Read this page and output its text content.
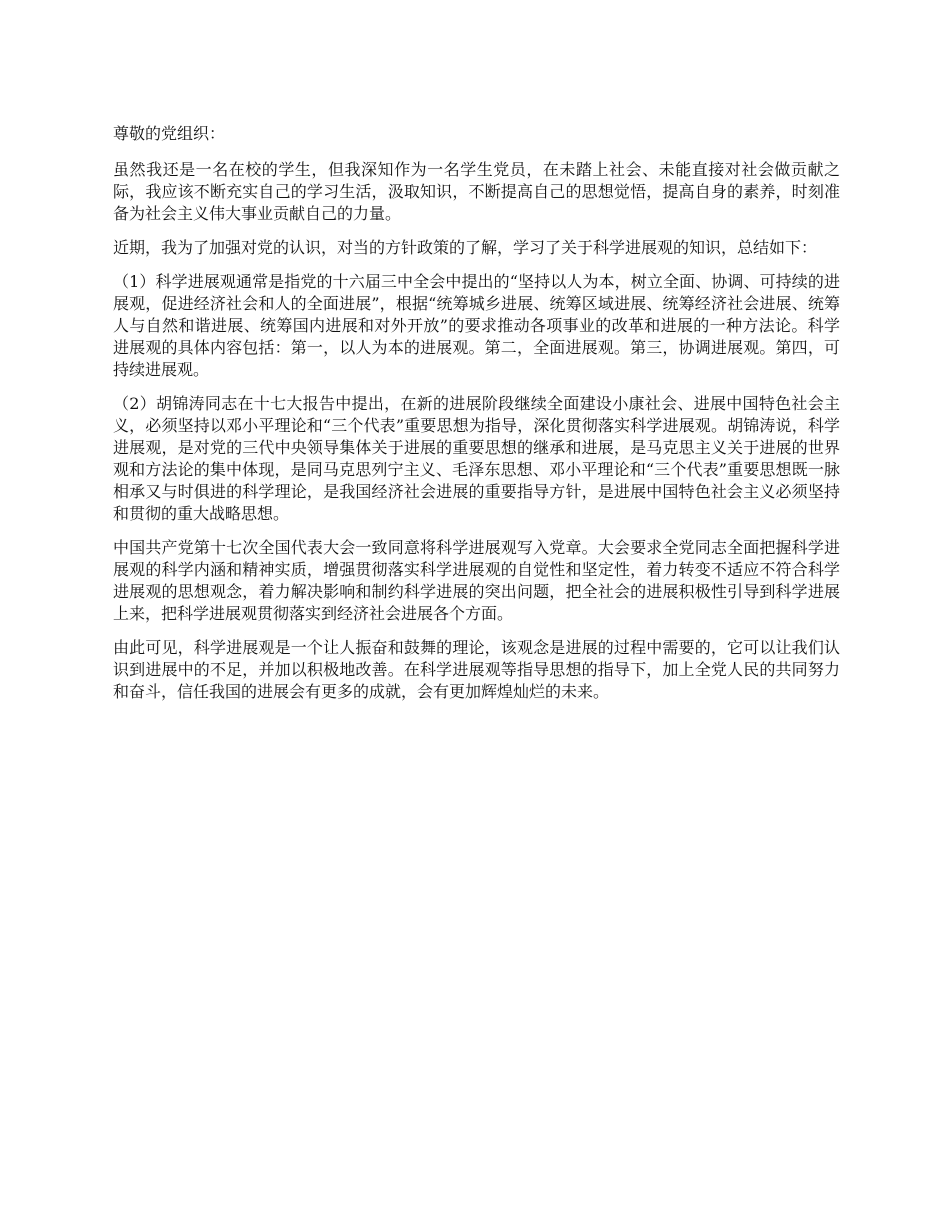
尊敬的党组织：

虽然我还是一名在校的学生，但我深知作为一名学生党员，在未踏上社会、未能直接对社会做贡献之际，我应该不断充实自己的学习生活，汲取知识，不断提高自己的思想觉悟，提高自身的素养，时刻准备为社会主义伟大事业贡献自己的力量。

近期，我为了加强对党的认识，对当的方针政策的了解，学习了关于科学进展观的知识，总结如下：

（1）科学进展观通常是指党的十六届三中全会中提出的“坚持以人为本，树立全面、协调、可持续的进展观，促进经济社会和人的全面进展”，根据“统筹城乡进展、统筹区域进展、统筹经济社会进展、统筹人与自然和谐进展、统筹国内进展和对外开放”的要求推动各项事业的改革和进展的一种方法论。科学进展观的具体内容包括：第一，以人为本的进展观。第二，全面进展观。第三，协调进展观。第四，可持续进展观。

（2）胡锦涛同志在十七大报告中提出，在新的进展阶段继续全面建设小康社会、进展中国特色社会主义，必须坚持以邓小平理论和“三个代表”重要思想为指导，深化贯彻落实科学进展观。胡锦涛说，科学进展观，是对党的三代中央领导集体关于进展的重要思想的继承和进展，是马克思主义关于进展的世界观和方法论的集中体现，是同马克思列宁主义、毛泽东思想、邓小平理论和“三个代表”重要思想既一脉相承又与时俱进的科学理论，是我国经济社会进展的重要指导方针，是进展中国特色社会主义必须坚持和贯彻的重大战略思想。

中国共产党第十七次全国代表大会一致同意将科学进展观写入党章。大会要求全党同志全面把握科学进展观的科学内涵和精神实质，增强贯彻落实科学进展观的自觉性和坚定性，着力转变不适应不符合科学进展观的思想观念，着力解决影响和制约科学进展的突出问题，把全社会的进展积极性引导到科学进展上来，把科学进展观贯彻落实到经济社会进展各个方面。

由此可见，科学进展观是一个让人振奋和鼓舞的理论，该观念是进展的过程中需要的，它可以让我们认识到进展中的不足，并加以积极地改善。在科学进展观等指导思想的指导下，加上全党人民的共同努力和奋斗，信任我国的进展会有更多的成就，会有更加辉煌灿烂的未来。
